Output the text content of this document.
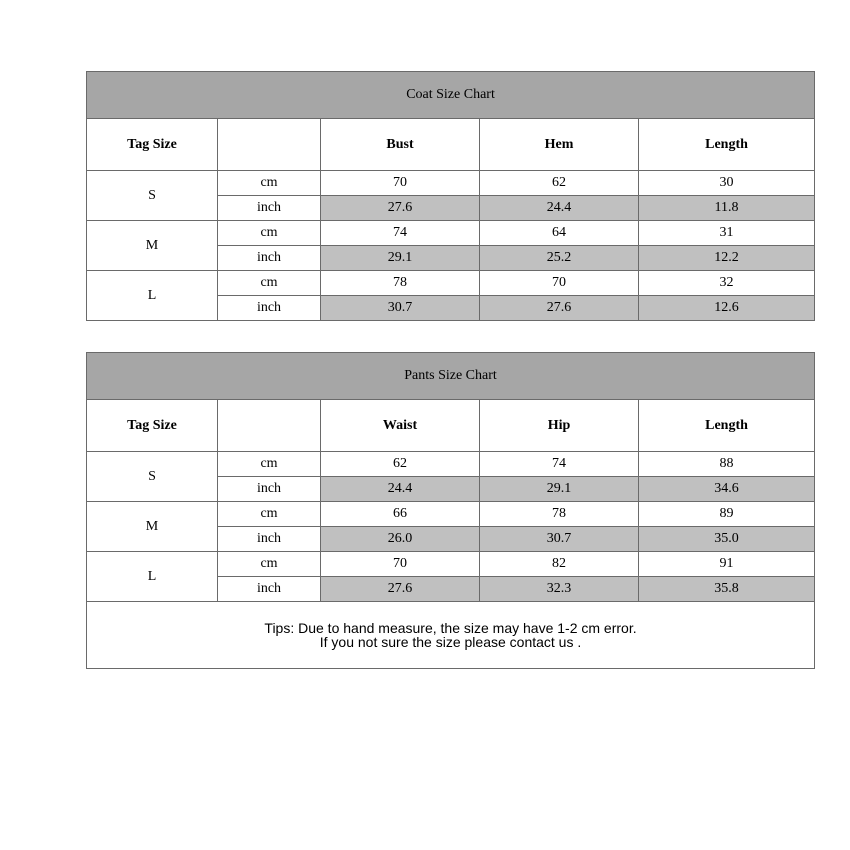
Coat Size Chart				
Tag Size		Bust	Hem	Length
S	cm	70	62	30
	inch	27.6	24.4	11.8
M	cm	74	64	31
	inch	29.1	25.2	12.2
L	cm	78	70	32
	inch	30.7	27.6	12.6
Pants Size Chart				
Tag Size		Waist	Hip	Length
S	cm	62	74	88
	inch	24.4	29.1	34.6
M	cm	66	78	89
	inch	26.0	30.7	35.0
L	cm	70	82	91
	inch	27.6	32.3	35.8

Tips: Due to hand measure, the size may have 1-2 cm error.
If you not sure the size please contact us .				
